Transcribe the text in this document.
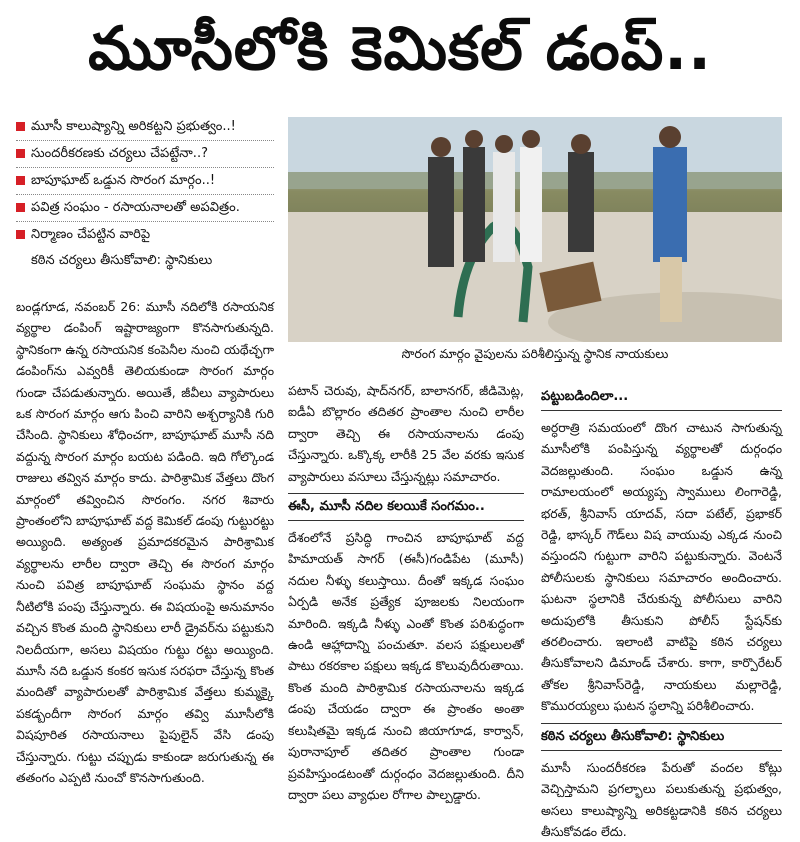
మూసీలోకి కెమికల్ డంప్..
మూసీ కాలుష్యాన్ని అరికట్టని ప్రభుత్వం..!
సుందరీకరణకు చర్యలు చేపట్టేనా..?
బాపూఘాట్ ఒడ్డున సొరంగ మార్గం..!
పవిత్ర సంఘం - రసాయనాలతో అపవిత్రం.
నిర్మాణం చేపట్టిన వారిపై
కఠిన చర్యలు తీసుకోవాలి: స్థానికులు
సొరంగ మార్గం వైపులను పరిశీలిస్తున్న స్థానిక నాయకులు

బండ్లగూడ, నవంబర్ 26: మూసీ నదిలోకి రసాయనిక వ్యర్థాల డంపింగ్ ఇష్టారాజ్యంగా కొనసాగుతున్నది. స్థానికంగా ఉన్న రసాయనిక కంపెనీల నుంచి యథేచ్ఛగా డంపింగ్‌ను ఎవ్వరికీ తెలియకుండా సొరంగ మార్గం గుండా చేపడుతున్నారు. అయితే, జీవీలు వ్యాపారులు ఒక సొరంగ మార్గం ఆగు పించి వారిని అశ్చర్యానికి గురి చేసింది. స్థానికులు శోధించగా, బాపూఘాట్ మూసీ నది వద్దున్న సొరంగ మార్గం బయట పడింది. ఇది గోల్కొండ రాజులు తవ్విన మార్గం కాదు. పారిశ్రామిక వేత్తలు దొంగ మార్గంలో తవ్వించిన సొరంగం. నగర శివారు ప్రాంతంలోని బాపూఘాట్ వద్ద కెమికల్ డంపు గుట్టురట్టు అయ్యింది. అత్యంత ప్రమాదకరమైన పారిశ్రామిక వ్యర్థాలను లారీల ద్వారా తెచ్చి ఈ సొరంగ మార్గం నుంచి పవిత్ర బాపూఘాట్ సంఘమ స్థానం వద్ద నీటిలోకి పంపు చేస్తున్నారు. ఈ విషయంపై అనుమానం వచ్చిన కొంత మంది స్థానికులు లారీ డ్రైవర్‌ను పట్టుకుని నిలదీయగా, అసలు విషయం గుట్టు రట్టు అయ్యింది. మూసీ నది ఒడ్డున కంకర ఇసుక సరఫరా చేస్తున్న కొంత మందితో వ్యాపారులతో పారిశ్రామిక వేత్తలు కుమ్మక్కై పకడ్బందీగా సొరంగ మార్గం తవ్వి మూసీలోకి విషపూరిత రసాయనాలు పైపులైన్ వేసి డంపు చేస్తున్నారు. గుట్టు చప్పుడు కాకుండా జరుగుతున్న ఈ తతంగం ఎప్పటి నుంచో కొనసాగుతుంది.

పటాన్ చెరువు, షాద్‌నగర్, బాలానగర్, జీడిమెట్ల, ఐడీఏ బొల్లారం తదితర ప్రాంతాల నుంచి లారీల ద్వారా తెచ్చి ఈ రసాయనాలను డంపు చేస్తున్నారు. ఒక్కొక్క లారీకి 25 వేల వరకు ఇసుక వ్యాపారులు వసూలు చేస్తున్నట్లు సమాచారం.

ఈసీ, మూసీ నదిల కలయికే సంగమం..

దేశంలోనే ప్రసిద్ధి గాంచిన బాపూఘాట్ వద్ద హిమాయత్ సాగర్ (ఈసీ)గండిపేట (మూసీ) నదుల నీళ్ళు కలుస్తాయి. దీంతో ఇక్కడ సంఘం ఏర్పడి అనేక ప్రత్యేక పూజలకు నిలయంగా మారింది. ఇక్కడి నీళ్ళు ఎంతో కొంత పరిశుద్ధంగా ఉండి ఆహ్లాదాన్ని పంచుతూ. వలస పక్షులులతో పాటు రకరకాల పక్షులు ఇక్కడ కొలువుదీరుతాయి. కొంత మంది పారిశ్రామిక రసాయనాలను ఇక్కడ డంపు చేయడం ద్వారా ఈ ప్రాంతం అంతా కలుషితమై ఇక్కడ నుంచి జియాగూడ, కార్వాన్, పురానాపూల్ తదితర ప్రాంతాల గుండా ప్రవహిస్తుండటంతో దుర్గంధం వెదజల్లుతుంది. దీని ద్వారా పలు వ్యాధుల రోగాల పాల్పడ్డారు.

పట్టుబడిందిలా...

అర్ధరాత్రి సమయంలో దొంగ చాటున సాగుతున్న మూసీలోకి పంపిస్తున్న వ్యర్థాలతో దుర్గంధం వెదజల్లుతుంది. సంఘం ఒడ్డున ఉన్న రామాలయంలో అయ్యప్ప స్వాములు లింగారెడ్డి, భరత్, శ్రీనివాస్ యాదవ్, సదా పటేల్, ప్రభాకర్ రెడ్డి, భాస్కర్ గౌడ్‌లు విష వాయువు ఎక్కడ నుంచి వస్తుందని గుట్టుగా వారిని పట్టుకున్నారు. వెంటనే పోలీసులకు స్థానికులు సమాచారం అందించారు. ఘటనా స్థలానికి చేరుకున్న పోలీసులు వారిని అదుపులోకి తీసుకుని పోలీస్ స్టేషన్‌కు తరలించారు. ఇలాంటి వాటిపై కఠిన చర్యలు తీసుకోవాలని డిమాండ్ చేశారు. కాగా, కార్పొరేటర్ తోకల శ్రీనివాస్‌రెడ్డి, నాయకులు మల్లారెడ్డి, కొమురయ్యలు ఘటన స్థలాన్ని పరిశీలించారు.

కఠిన చర్యలు తీసుకోవాలి: స్థానికులు

మూసీ సుందరీకరణ పేరుతో వందల కోట్లు వెచ్చిస్తామని ప్రగల్భాలు పలుకుతున్న ప్రభుత్వం, అసలు కాలుష్యాన్ని అరికట్టడానికి కఠిన చర్యలు తీసుకోవడం లేదు.
